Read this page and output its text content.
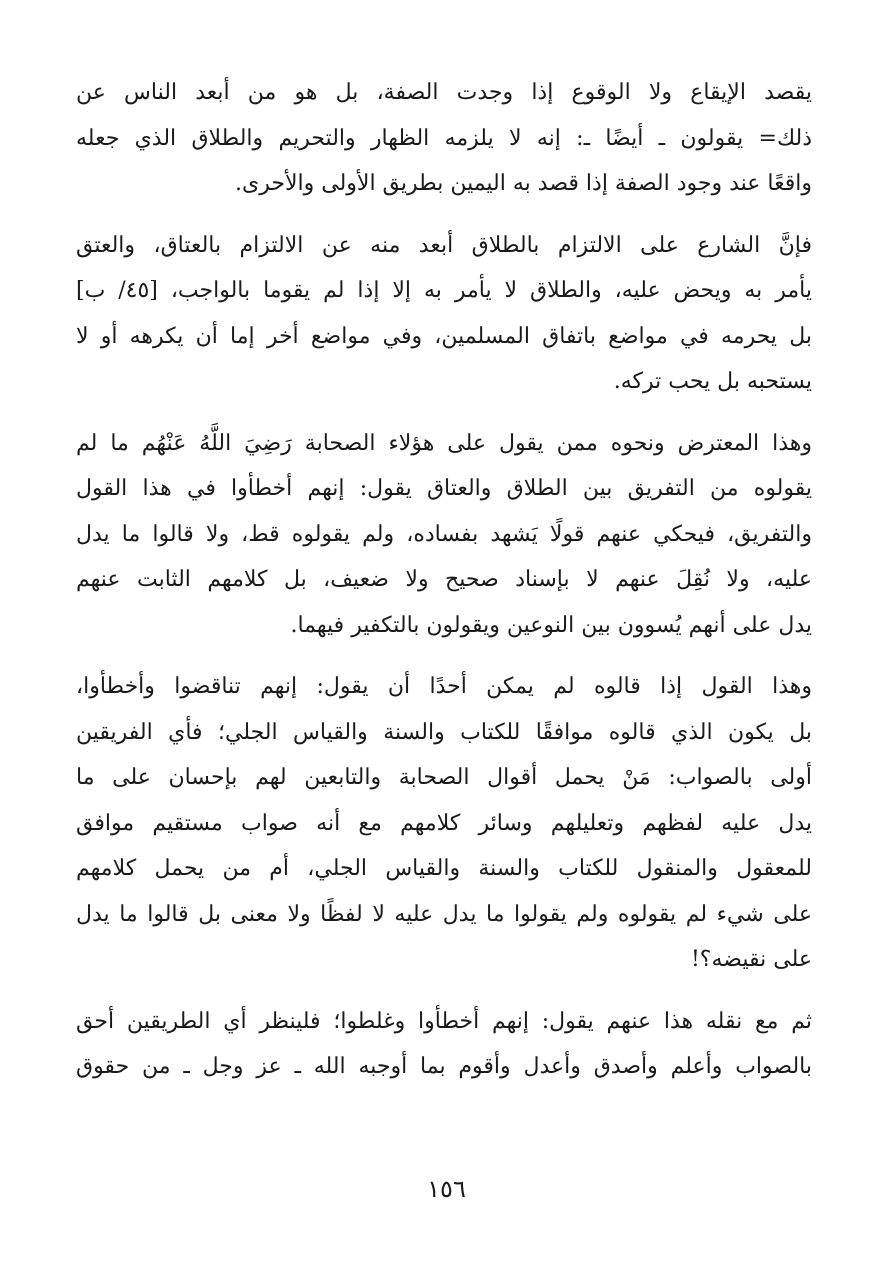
يقصد الإيقاع ولا الوقوع إذا وجدت الصفة، بل هو من أبعد الناس عن
ذلك= يقولون ـ أيضًا ـ: إنه لا يلزمه الظهار والتحريم والطلاق الذي جعله
واقعًا عند وجود الصفة إذا قصد به اليمين بطريق الأولى والأحرى.
فإنَّ الشارع على الالتزام بالطلاق أبعد منه عن الالتزام بالعتاق، والعتق
يأمر به ويحض عليه، والطلاق لا يأمر به إلا إذا لم يقوما بالواجب، [٤٥/ ب]
بل يحرمه في مواضع باتفاق المسلمين، وفي مواضع أخر إما أن يكرهه أو لا
يستحبه بل يحب تركه.
وهذا المعترض ونحوه ممن يقول على هؤلاء الصحابة رَضِيَ اللَّهُ عَنْهُم ما لم
يقولوه من التفريق بين الطلاق والعتاق يقول: إنهم أخطأوا في هذا القول
والتفريق، فيحكي عنهم قولًا يَشهد بفساده، ولم يقولوه قط، ولا قالوا ما يدل
عليه، ولا نُقِلَ عنهم لا بإسناد صحيح ولا ضعيف، بل كلامهم الثابت عنهم
يدل على أنهم يُسوون بين النوعين ويقولون بالتكفير فيهما.
وهذا القول إذا قالوه لم يمكن أحدًا أن يقول: إنهم تناقضوا وأخطأوا،
بل يكون الذي قالوه موافقًا للكتاب والسنة والقياس الجلي؛ فأي الفريقين
أولى بالصواب: مَنْ يحمل أقوال الصحابة والتابعين لهم بإحسان على ما
يدل عليه لفظهم وتعليلهم وسائر كلامهم مع أنه صواب مستقيم موافق
للمعقول والمنقول للكتاب والسنة والقياس الجلي، أم من يحمل كلامهم
على شيء لم يقولوه ولم يقولوا ما يدل عليه لا لفظًا ولا معنى بل قالوا ما يدل
على نقيضه؟!
ثم مع نقله هذا عنهم يقول: إنهم أخطأوا وغلطوا؛ فلينظر أي الطريقين أحق
بالصواب وأعلم وأصدق وأعدل وأقوم بما أوجبه الله ـ عز وجل ـ من حقوق
١٥٦
